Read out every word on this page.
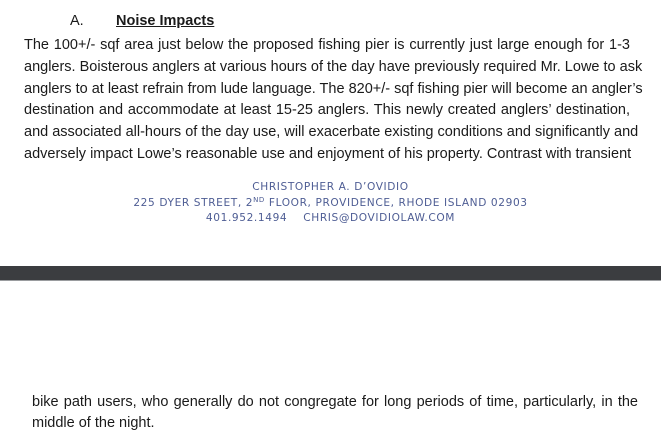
A. Noise Impacts
The 100+/- sqf area just below the proposed fishing pier is currently just large enough for 1-3
anglers. Boisterous anglers at various hours of the day have previously required Mr. Lowe to ask
anglers to at least refrain from lude language. The 820+/- sqf fishing pier will become an angler’s
destination and accommodate at least 15-25 anglers. This newly created anglers’ destination,
and associated all-hours of the day use, will exacerbate existing conditions and significantly and
adversely impact Lowe’s reasonable use and enjoyment of his property. Contrast with transient
CHRISTOPHER A. D’OVIDIO
225 DYER STREET, 2ND FLOOR, PROVIDENCE, RHODE ISLAND 02903
401.952.1494 CHRIS@DOVIDIOLAW.COM
bike path users, who generally do not congregate for long periods of time, particularly, in the
middle of the night.
